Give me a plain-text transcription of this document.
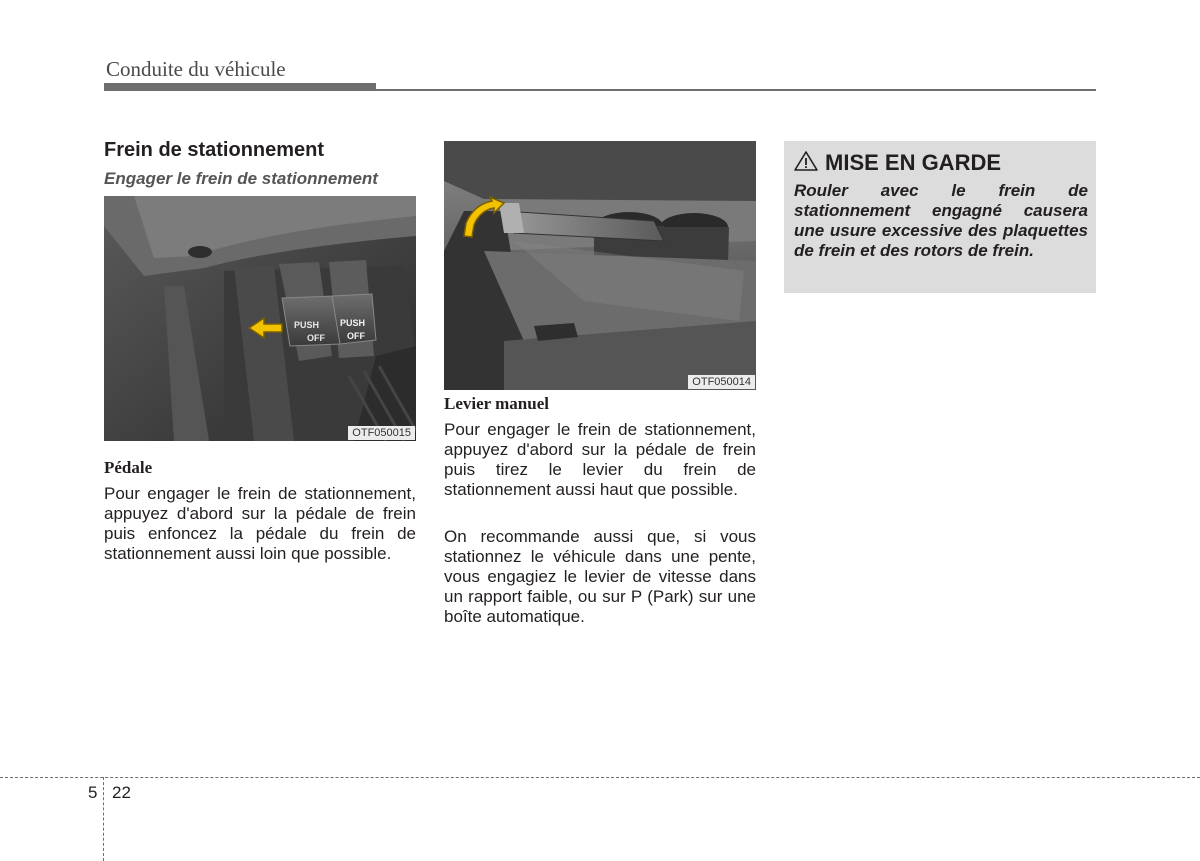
Conduite du véhicule
Frein de stationnement
Engager le frein de stationnement
PUSH
OFF
PUSH
OFF
OTF050015

Pédale

Pour engager le frein de stationnement, appuyez d'abord sur la pédale de frein puis enfoncez la pédale du frein de stationnement aussi loin que possible.

OTF050014

Levier manuel

Pour engager le frein de stationnement, appuyez d'abord sur la pédale de frein puis tirez le levier du frein de stationnement aussi haut que possible.

On recommande aussi que, si vous stationnez le véhicule dans une pente, vous engagiez le levier de vitesse dans un rapport faible, ou sur P (Park) sur une boîte automatique.

MISE EN GARDE

Rouler avec le frein de stationnement engagné causera une usure excessive des plaquettes de frein et des rotors de frein.

5 22
